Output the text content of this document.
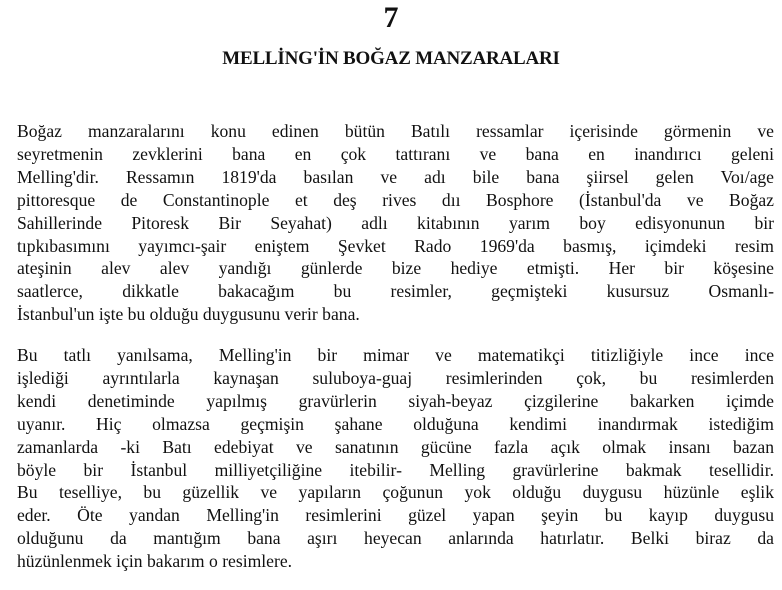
7
MELLİNG'İN BOĞAZ MANZARALARI
Boğaz manzaralarını konu edinen bütün Batılı ressamlar içerisinde görmenin ve
seyretmenin zevklerini bana en çok tattıranı ve bana en inandırıcı geleni
Melling'dir. Ressamın 1819'da basılan ve adı bile bana şiirsel gelen Voı/age
pittoresque de Constantinople et deş rives dıı Bosphore (İstanbul'da ve Boğaz
Sahillerinde Pitoresk Bir Seyahat) adlı kitabının yarım boy edisyonunun bir
tıpkıbasımını yayımcı-şair eniştem Şevket Rado 1969'da basmış, içimdeki resim
ateşinin alev alev yandığı günlerde bize hediye etmişti. Her bir köşesine
saatlerce, dikkatle bakacağım bu resimler, geçmişteki kusursuz Osmanlı-
İstanbul'un işte bu olduğu duygusunu verir bana.
Bu tatlı yanılsama, Melling'in bir mimar ve matematikçi titizliğiyle ince ince
işlediği ayrıntılarla kaynaşan suluboya-guaj resimlerinden çok, bu resimlerden
kendi denetiminde yapılmış gravürlerin siyah-beyaz çizgilerine bakarken içimde
uyanır. Hiç olmazsa geçmişin şahane olduğuna kendimi inandırmak istediğim
zamanlarda -ki Batı edebiyat ve sanatının gücüne fazla açık olmak insanı bazan
böyle bir İstanbul milliyetçiliğine itebilir- Melling gravürlerine bakmak tesellidir.
Bu teselliye, bu güzellik ve yapıların çoğunun yok olduğu duygusu hüzünle eşlik
eder. Öte yandan Melling'in resimlerini güzel yapan şeyin bu kayıp duygusu
olduğunu da mantığım bana aşırı heyecan anlarında hatırlatır. Belki biraz da
hüzünlenmek için bakarım o resimlere.
